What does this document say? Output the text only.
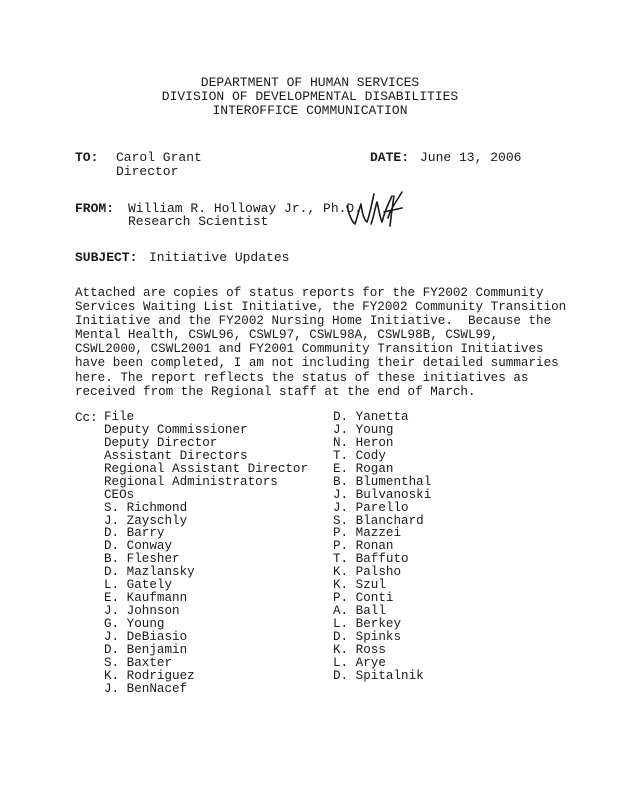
DEPARTMENT OF HUMAN SERVICES
DIVISION OF DEVELOPMENTAL DISABILITIES
INTEROFFICE COMMUNICATION
TO: Carol Grant
Director
DATE: June 13, 2006
FROM: William R. Holloway Jr., Ph.D.
Research Scientist
SUBJECT: Initiative Updates
Attached are copies of status reports for the FY2002 Community
Services Waiting List Initiative, the FY2002 Community Transition
Initiative and the FY2002 Nursing Home Initiative.  Because the
Mental Health, CSWL96, CSWL97, CSWL98A, CSWL98B, CSWL99,
CSWL2000, CSWL2001 and FY2001 Community Transition Initiatives
have been completed, I am not including their detailed summaries
here. The report reflects the status of these initiatives as
received from the Regional staff at the end of March.
Cc: File
Deputy Commissioner
Deputy Director
Assistant Directors
Regional Assistant Director
Regional Administrators
CEOs
S. Richmond
J. Zayschly
D. Barry
D. Conway
B. Flesher
D. Mazlansky
L. Gately
E. Kaufmann
J. Johnson
G. Young
J. DeBiasio
D. Benjamin
S. Baxter
K. Rodriguez
J. BenNacef
D. Yanetta
J. Young
N. Heron
T. Cody
E. Rogan
B. Blumenthal
J. Bulvanoski
J. Parello
S. Blanchard
P. Mazzei
P. Ronan
T. Baffuto
K. Palsho
K. Szul
P. Conti
A. Ball
L. Berkey
D. Spinks
K. Ross
L. Arye
D. Spitalnik
